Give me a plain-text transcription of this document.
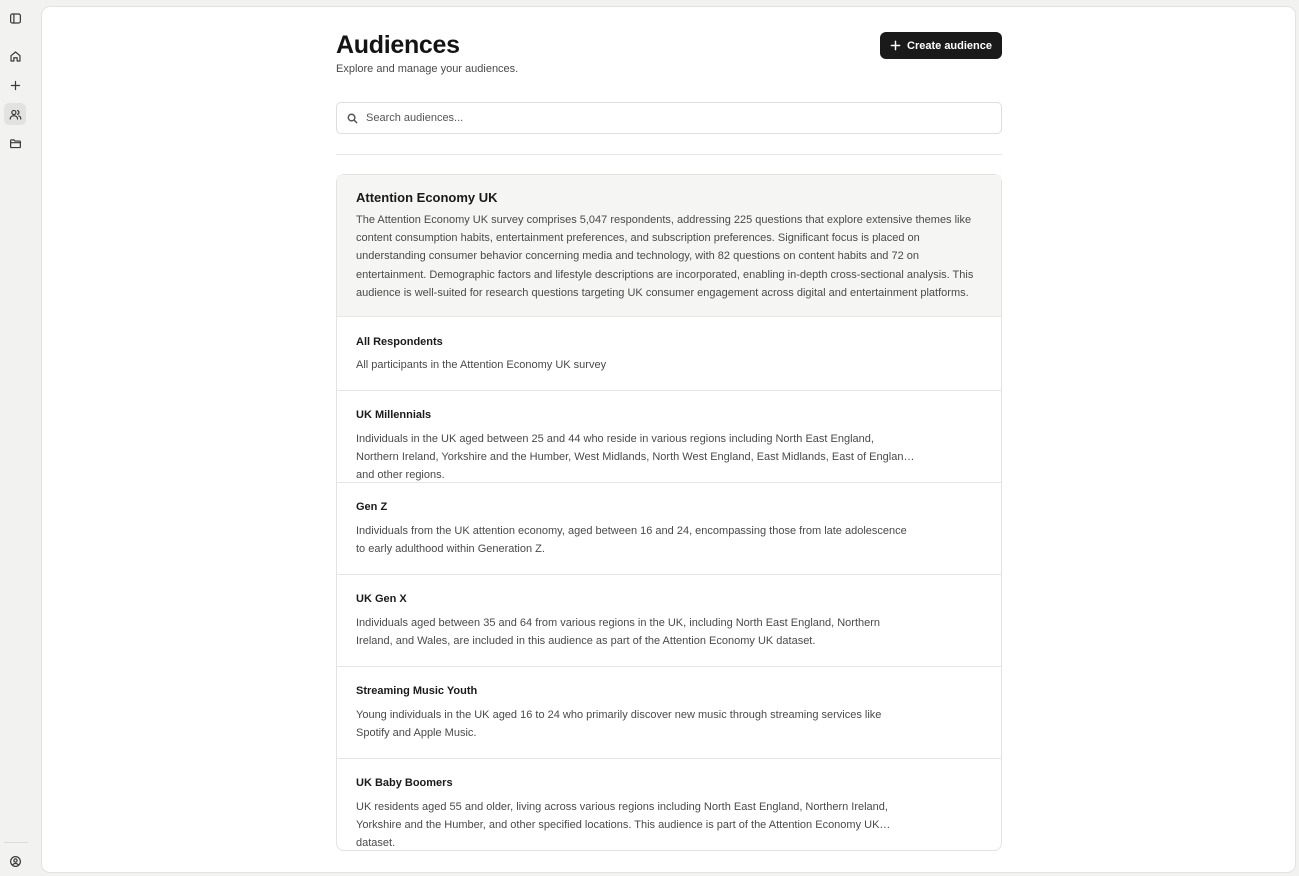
Audiences
Explore and manage your audiences.
Create audience
Search audiences...
Attention Economy UK
The Attention Economy UK survey comprises 5,047 respondents, addressing 225 questions that explore extensive themes like content consumption habits, entertainment preferences, and subscription preferences. Significant focus is placed on understanding consumer behavior concerning media and technology, with 82 questions on content habits and 72 on entertainment. Demographic factors and lifestyle descriptions are incorporated, enabling in-depth cross-sectional analysis. This audience is well-suited for research questions targeting UK consumer engagement across digital and entertainment platforms.
All Respondents
All participants in the Attention Economy UK survey
UK Millennials
Individuals in the UK aged between 25 and 44 who reside in various regions including North East England, Northern Ireland, Yorkshire and the Humber, West Midlands, North West England, East Midlands, East of England, and other regions.
Gen Z
Individuals from the UK attention economy, aged between 16 and 24, encompassing those from late adolescence to early adulthood within Generation Z.
UK Gen X
Individuals aged between 35 and 64 from various regions in the UK, including North East England, Northern Ireland, and Wales, are included in this audience as part of the Attention Economy UK dataset.
Streaming Music Youth
Young individuals in the UK aged 16 to 24 who primarily discover new music through streaming services like Spotify and Apple Music.
UK Baby Boomers
UK residents aged 55 and older, living across various regions including North East England, Northern Ireland, Yorkshire and the Humber, and other specified locations. This audience is part of the Attention Economy UK dataset.
